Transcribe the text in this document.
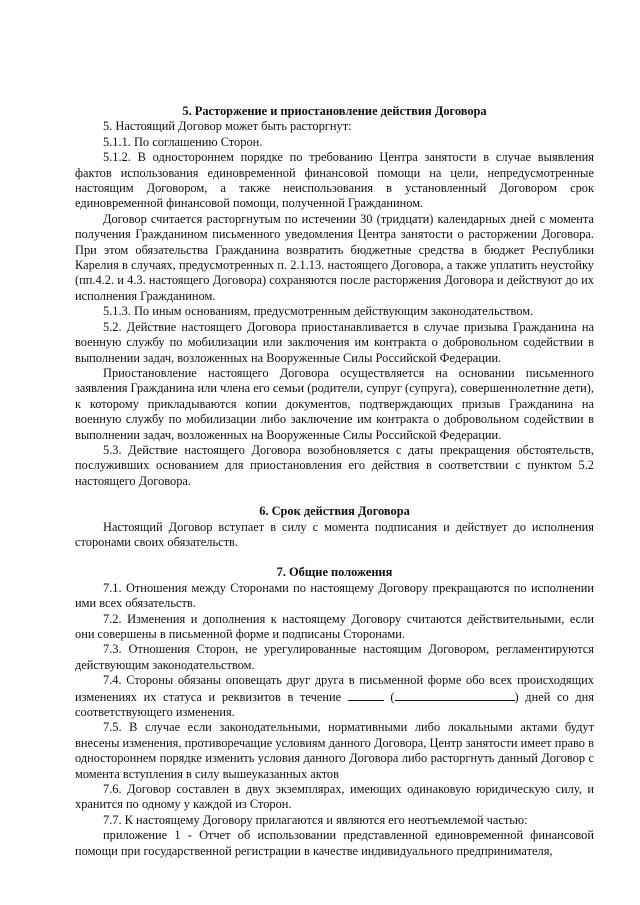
5. Расторжение и приостановление действия Договора

5. Настоящий Договор может быть расторгнут:

5.1.1. По соглашению Сторон.

5.1.2. В одностороннем порядке по требованию Центра занятости в случае выявления фактов использования единовременной финансовой помощи на цели, непредусмотренные настоящим Договором, а также неиспользования в установленный Договором срок единовременной финансовой помощи, полученной Гражданином.

Договор считается расторгнутым по истечении 30 (тридцати) календарных дней с момента получения Гражданином письменного уведомления Центра занятости о расторжении Договора. При этом обязательства Гражданина возвратить бюджетные средства в бюджет Республики Карелия в случаях, предусмотренных п. 2.1.13. настоящего Договора, а также уплатить неустойку (пп.4.2. и 4.3. настоящего Договора) сохраняются после расторжения Договора и действуют до их исполнения Гражданином.

5.1.3. По иным основаниям, предусмотренным действующим законодательством.

5.2. Действие настоящего Договора приостанавливается в случае призыва Гражданина на военную службу по мобилизации или заключения им контракта о добровольном содействии в выполнении задач, возложенных на Вооруженные Силы Российской Федерации.

Приостановление настоящего Договора осуществляется на основании письменного заявления Гражданина или члена его семьи (родители, супруг (супруга), совершеннолетние дети), к которому прикладываются копии документов, подтверждающих призыв Гражданина на военную службу по мобилизации либо заключение им контракта о добровольном содействии в выполнении задач, возложенных на Вооруженные Силы Российской Федерации.

5.3. Действие настоящего Договора возобновляется с даты прекращения обстоятельств, послуживших основанием для приостановления его действия в соответствии с пунктом 5.2 настоящего Договора.

6. Срок действия Договора

Настоящий Договор вступает в силу с момента подписания и действует до исполнения сторонами своих обязательств.

7. Общие положения

7.1. Отношения между Сторонами по настоящему Договору прекращаются по исполнении ими всех обязательств.

7.2. Изменения и дополнения к настоящему Договору считаются действительными, если они совершены в письменной форме и подписаны Сторонами.

7.3. Отношения Сторон, не урегулированные настоящим Договором, регламентируются действующим законодательством.

7.4. Стороны обязаны оповещать друг друга в письменной форме обо всех происходящих изменениях их статуса и реквизитов в течение	(	) дней со дня соответствующего изменения.

7.5. В случае если законодательными, нормативными либо локальными актами будут внесены изменения, противоречащие условиям данного Договора, Центр занятости имеет право в одностороннем порядке изменить условия данного Договора либо расторгнуть данный Договор с момента вступления в силу вышеуказанных актов

7.6. Договор составлен в двух экземплярах, имеющих одинаковую юридическую силу, и хранится по одному у каждой из Сторон.

7.7. К настоящему Договору прилагаются и являются его неотъемлемой частью:

приложение 1 - Отчет об использовании представленной единовременной финансовой помощи при государственной регистрации в качестве индивидуального предпринимателя,
